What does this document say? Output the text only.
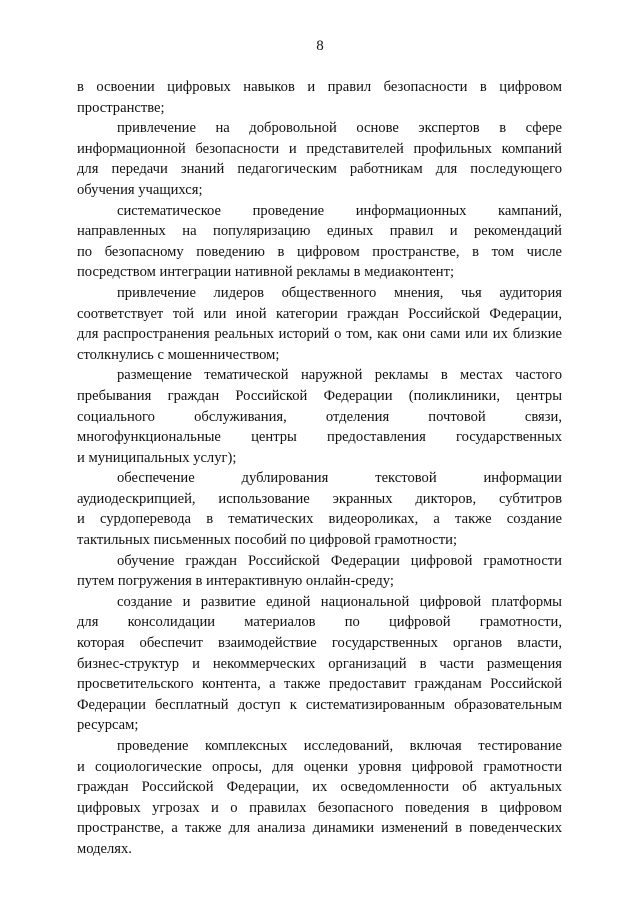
8
в освоении цифровых навыков и правил безопасности в цифровом
пространстве;
привлечение на добровольной основе экспертов в сфере
информационной безопасности и представителей профильных компаний
для передачи знаний педагогическим работникам для последующего
обучения учащихся;
систематическое проведение информационных кампаний,
направленных на популяризацию единых правил и рекомендаций
по безопасному поведению в цифровом пространстве, в том числе
посредством интеграции нативной рекламы в медиаконтент;
привлечение лидеров общественного мнения, чья аудитория
соответствует той или иной категории граждан Российской Федерации,
для распространения реальных историй о том, как они сами или их близкие
столкнулись с мошенничеством;
размещение тематической наружной рекламы в местах частого
пребывания граждан Российской Федерации (поликлиники, центры
социального обслуживания, отделения почтовой связи,
многофункциональные центры предоставления государственных
и муниципальных услуг);
обеспечение дублирования текстовой информации
аудиодескрипцией, использование экранных дикторов, субтитров
и сурдоперевода в тематических видеороликах, а также создание
тактильных письменных пособий по цифровой грамотности;
обучение граждан Российской Федерации цифровой грамотности
путем погружения в интерактивную онлайн-среду;
создание и развитие единой национальной цифровой платформы
для консолидации материалов по цифровой грамотности,
которая обеспечит взаимодействие государственных органов власти,
бизнес-структур и некоммерческих организаций в части размещения
просветительского контента, а также предоставит гражданам Российской
Федерации бесплатный доступ к систематизированным образовательным
ресурсам;
проведение комплексных исследований, включая тестирование
и социологические опросы, для оценки уровня цифровой грамотности
граждан Российской Федерации, их осведомленности об актуальных
цифровых угрозах и о правилах безопасного поведения в цифровом
пространстве, а также для анализа динамики изменений в поведенческих
моделях.
